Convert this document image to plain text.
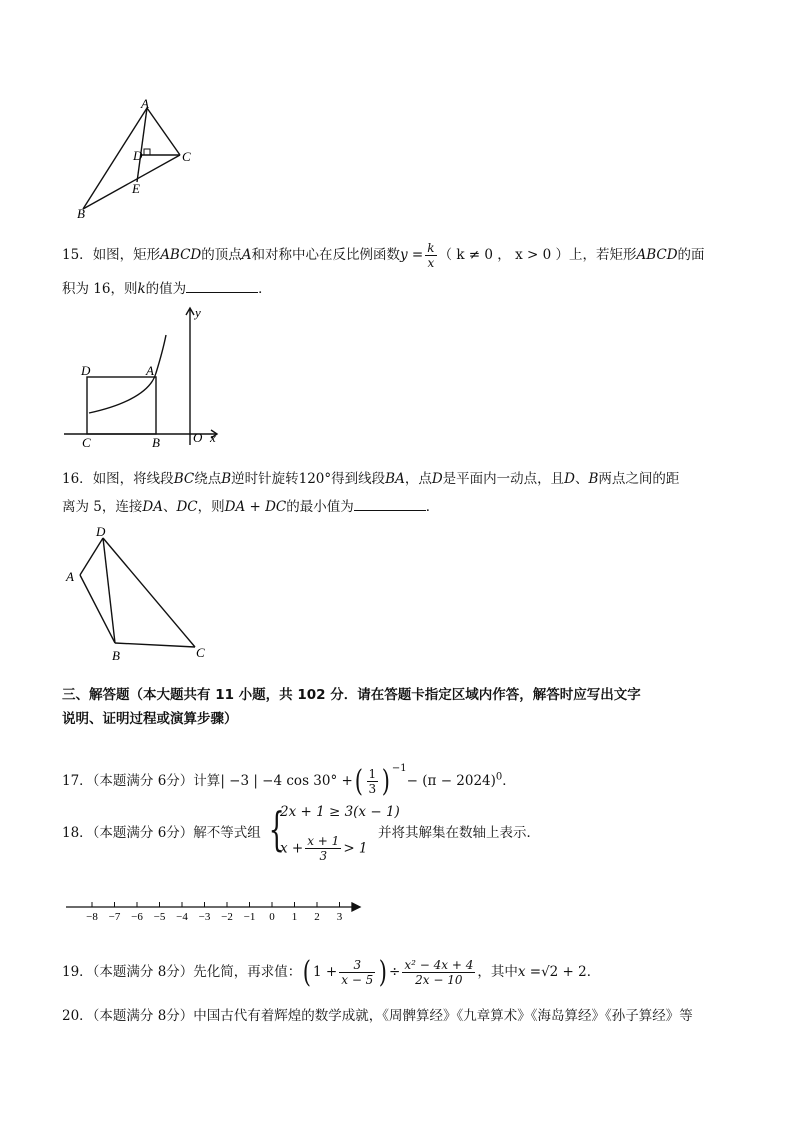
A
B
C
D
E
15．如图，矩形ABCD的顶点A和对称中心在反比例函数$y = \frac{k}{x}$ （ k ≠ 0 ， x > 0 ）上，若矩形ABCD的面
积为 16，则k的值为	．
y
D	A
C	B	O x
16．如图，将线段BC绕点B逆时针旋转120°得到线段BA，点D是平面内一动点，且D、B两点之间的距
离为 5，连接DA、DC，则DA + DC的最小值为	．
D
A
B	C
三、解答题（本大题共有 11 小题，共 102 分．请在答题卡指定区域内作答，解答时应写出文字
说明、证明过程或演算步骤）
17．（本题满分 6分）计算| −3 | −4 cos 30° +( $\frac{1}{3}$ ) $^{-1}- (\pi - 2024)^0$．
18．（本题满分 6分）解不等式组 {
2x + 1 ≥ 3(x − 1)
$x + \frac{x + 1}{3} > 1$
并将其解集在数轴上表示．
−8 −7 −6 −5 −4 −3 −2 −1 0 1 2 3
19．（本题满分 8分）先化简，再求值：( $1 + \frac{3}{x - 5}$ ) ÷ $\frac{\text{x² − 4x + 4}}{2x - 10}$ ，其中x =√2 + 2．
20．（本题满分 8分）中国古代有着辉煌的数学成就，《周髀算经》《九章算术》《海岛算经》《孙子算经》等
